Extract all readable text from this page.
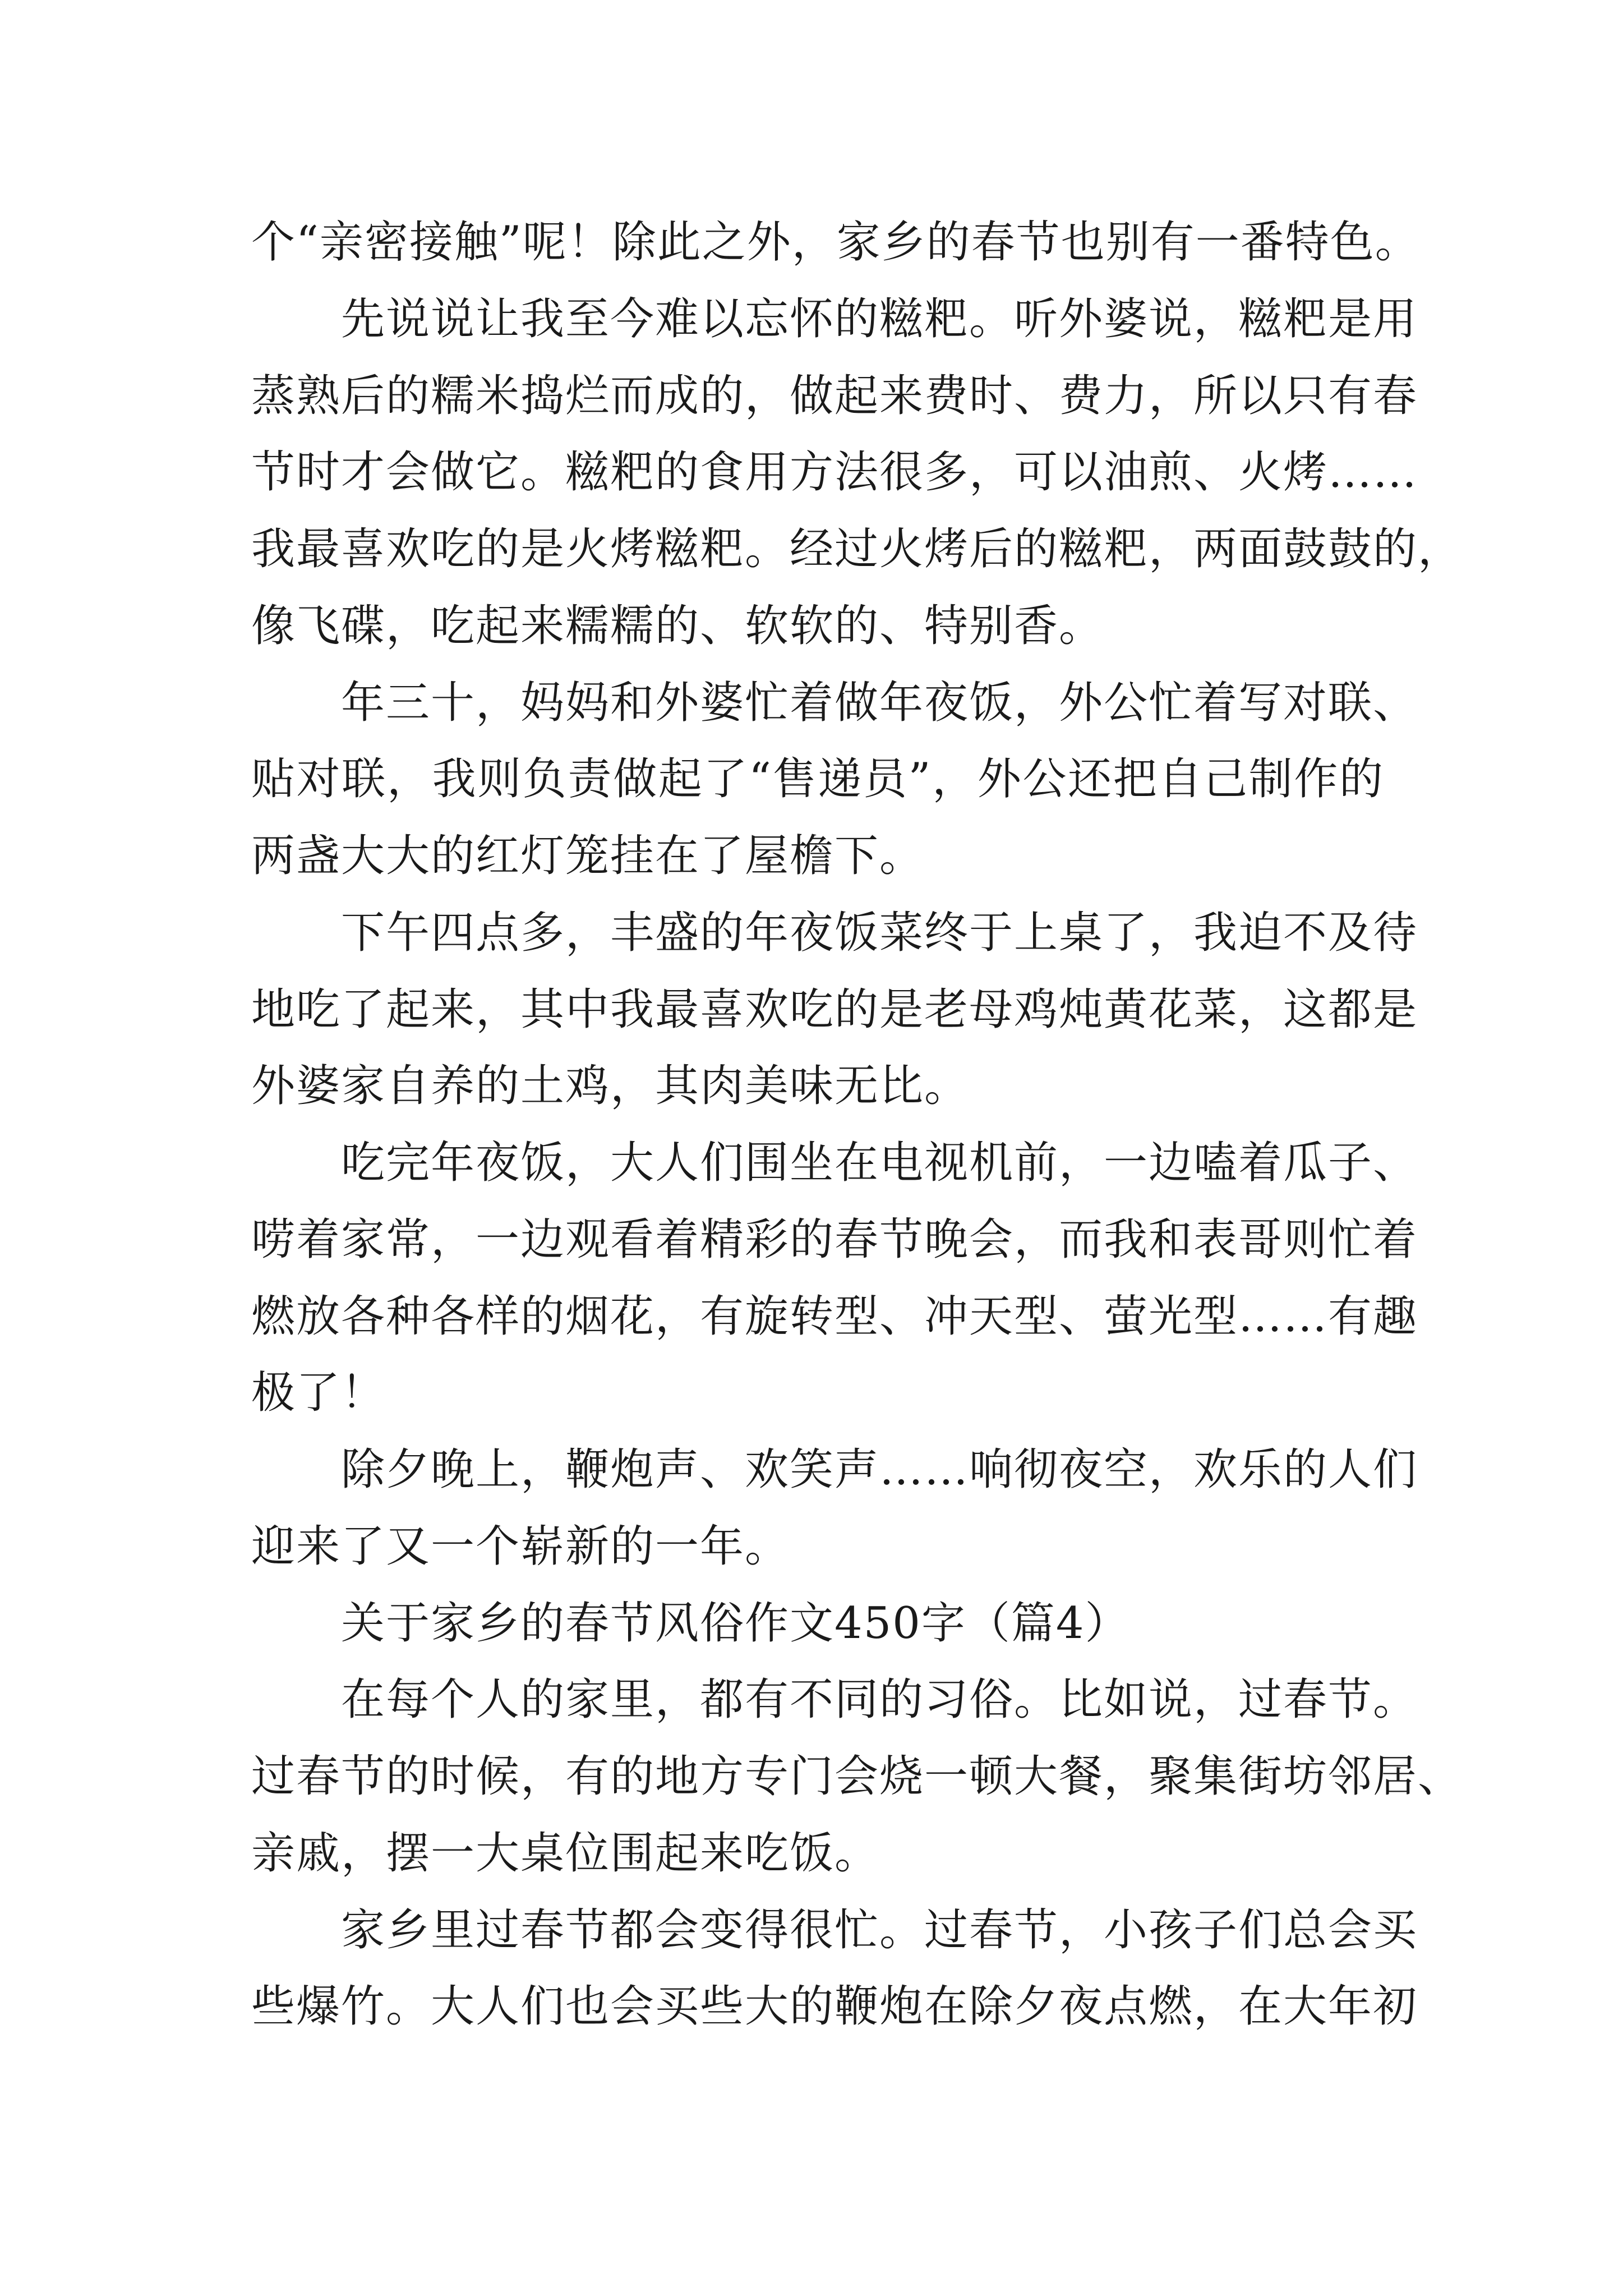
个“亲密接触”呢！除此之外，家乡的春节也别有一番特色。
先说说让我至今难以忘怀的糍粑。听外婆说，糍粑是用
蒸熟后的糯米捣烂而成的，做起来费时、费力，所以只有春
节时才会做它。糍粑的食用方法很多，可以油煎、火烤……
我最喜欢吃的是火烤糍粑。经过火烤后的糍粑，两面鼓鼓的，
像飞碟，吃起来糯糯的、软软的、特别香。
年三十，妈妈和外婆忙着做年夜饭，外公忙着写对联、
贴对联，我则负责做起了“售递员”，外公还把自己制作的
两盏大大的红灯笼挂在了屋檐下。
下午四点多，丰盛的年夜饭菜终于上桌了，我迫不及待
地吃了起来，其中我最喜欢吃的是老母鸡炖黄花菜，这都是
外婆家自养的土鸡，其肉美味无比。
吃完年夜饭，大人们围坐在电视机前，一边嗑着瓜子、
唠着家常，一边观看着精彩的春节晚会，而我和表哥则忙着
燃放各种各样的烟花，有旋转型、冲天型、萤光型……有趣
极了！
除夕晚上，鞭炮声、欢笑声……响彻夜空，欢乐的人们
迎来了又一个崭新的一年。
关于家乡的春节风俗作文450字（篇4）
在每个人的家里，都有不同的习俗。比如说，过春节。
过春节的时候，有的地方专门会烧一顿大餐，聚集街坊邻居、
亲戚，摆一大桌位围起来吃饭。
家乡里过春节都会变得很忙。过春节，小孩子们总会买
些爆竹。大人们也会买些大的鞭炮在除夕夜点燃，在大年初
